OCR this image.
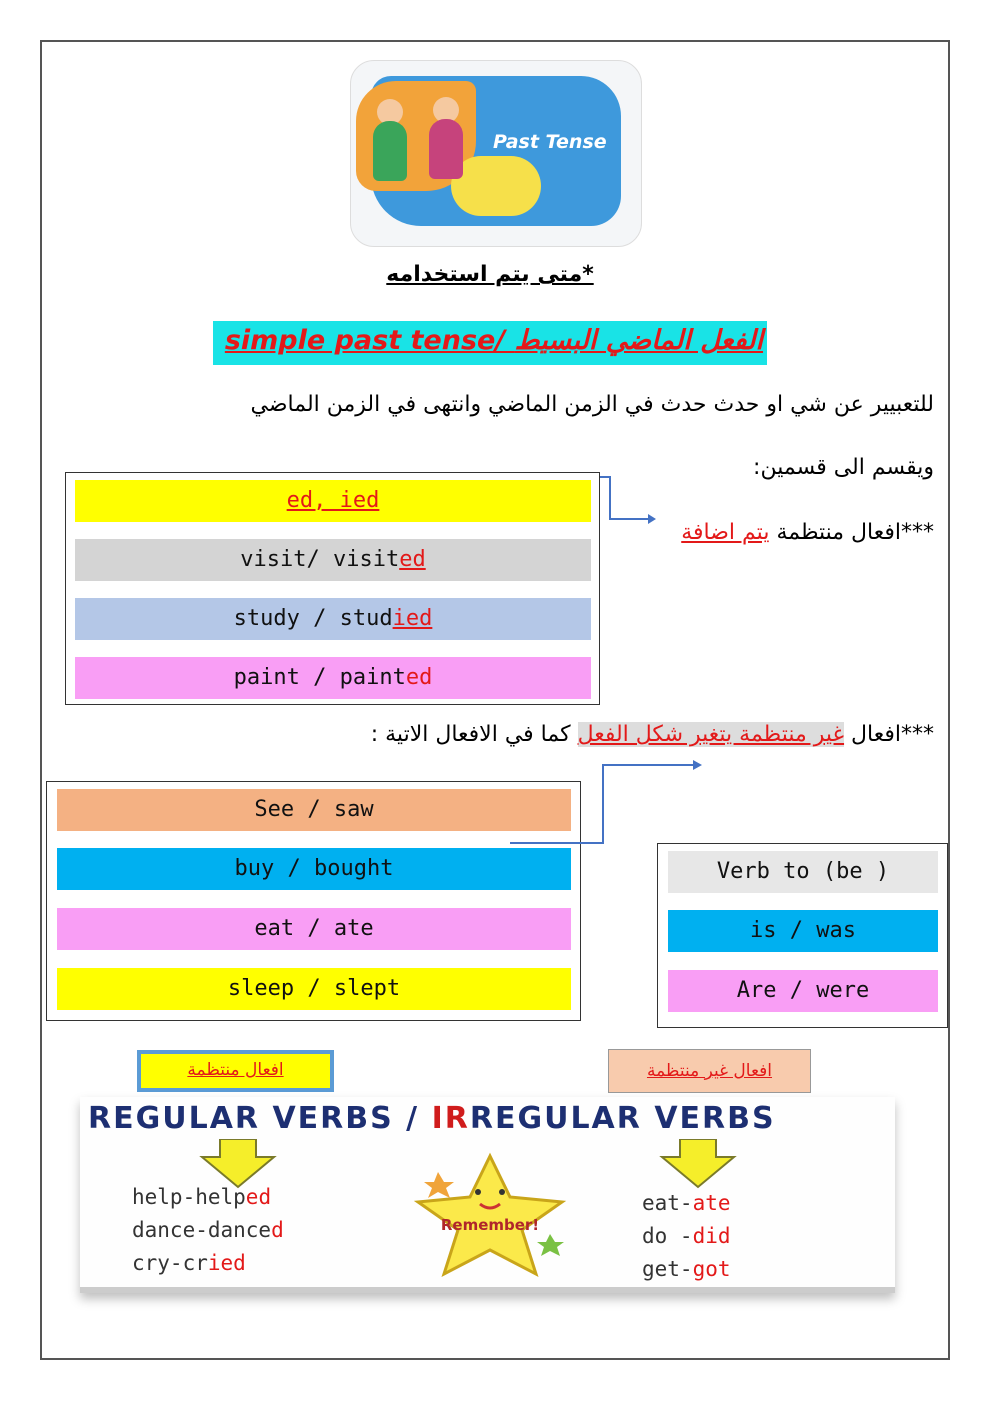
Past Tense
*متى يتم استخدامه
simple past tense/ الفعل الماضي البسيط
للتعبيير عن شي او حدث حدث في الزمن الماضي وانتهى في الزمن الماضي
ويقسم الى قسمين:
***افعال منتظمة يتم اضافة
ed, ied
visit/ visited
study / studied
paint / painted
***افعال غير منتظمة يتغير شكل الفعل كما في الافعال الاتية :
See / saw
buy / bought
eat / ate
sleep / slept
Verb to (be )
is / was
Are / were
افعال منتظمة	افعال غير منتظمة
REGULAR VERBS / IRREGULAR VERBS
help-helped
dance-danced
cry-cried
Remember!
eat-ate
do -did
get-got
